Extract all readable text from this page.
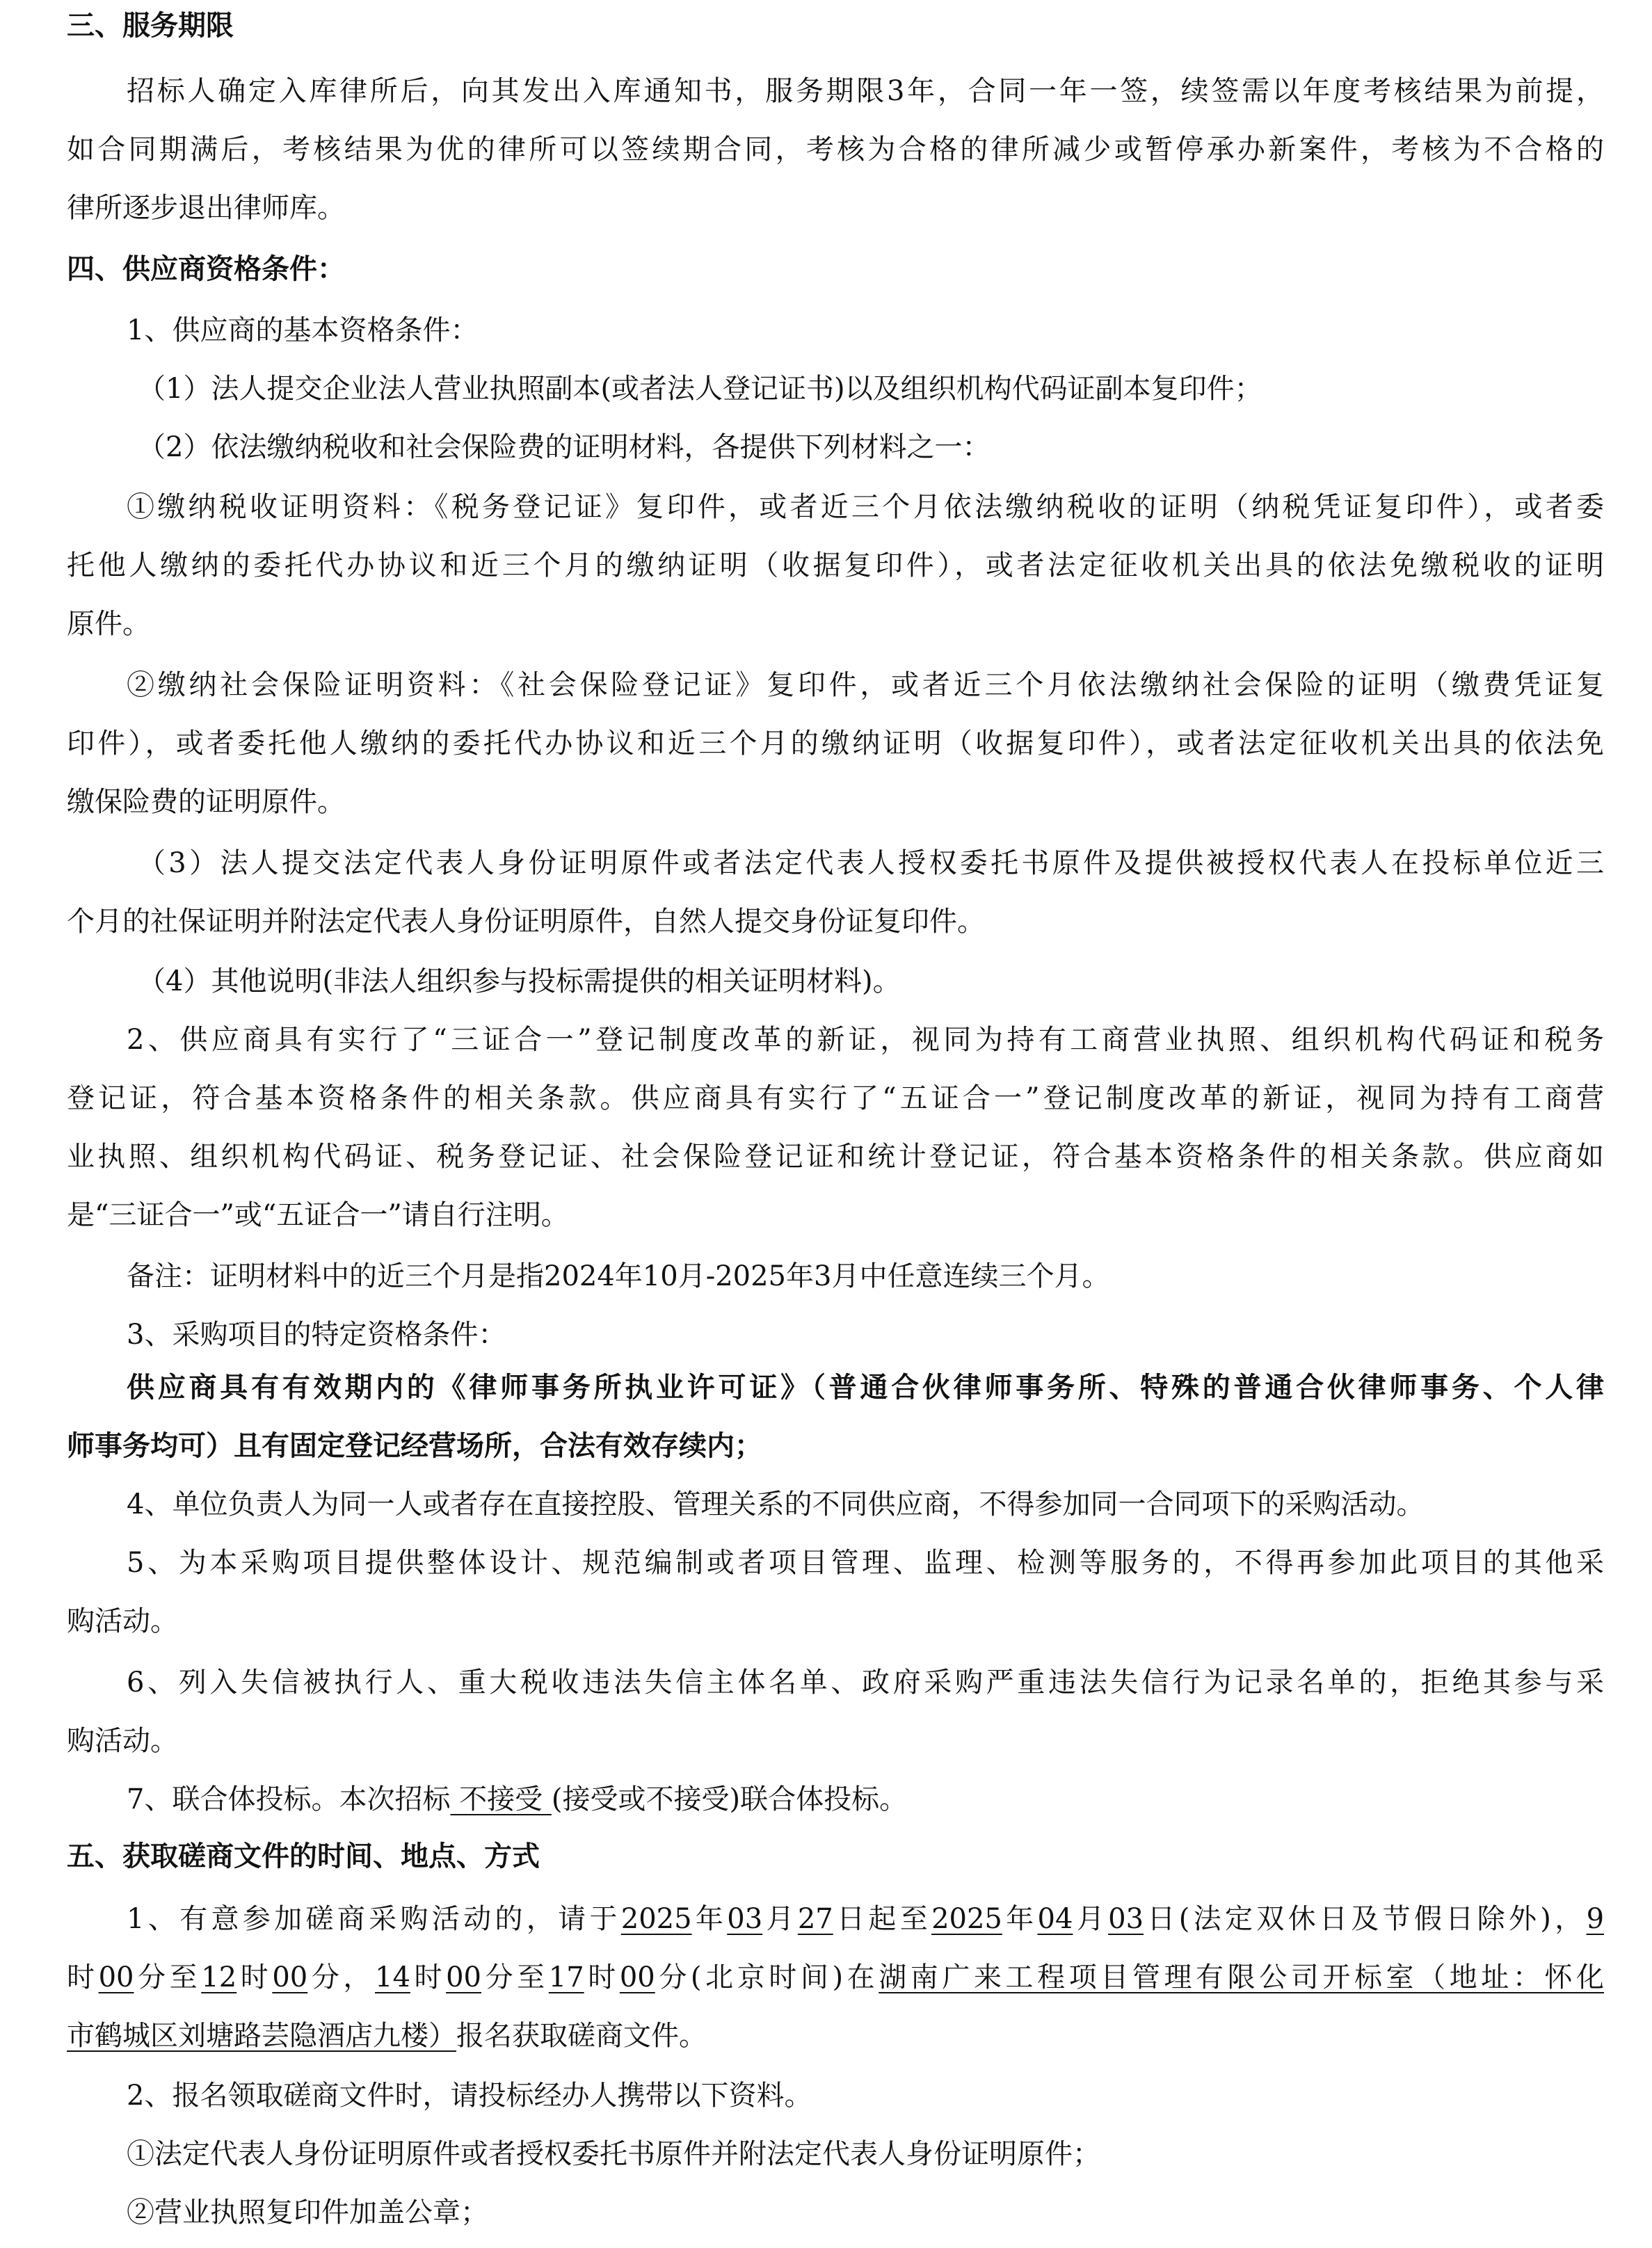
三、服务期限
招标人确定入库律所后，向其发出入库通知书，服务期限3年，合同一年一签，续签需以年度考核结果为前提，
如合同期满后，考核结果为优的律所可以签续期合同，考核为合格的律所减少或暂停承办新案件，考核为不合格的
律所逐步退出律师库。
四、供应商资格条件：
1、供应商的基本资格条件：
（1）法人提交企业法人营业执照副本(或者法人登记证书)以及组织机构代码证副本复印件；
（2）依法缴纳税收和社会保险费的证明材料，各提供下列材料之一：
①缴纳税收证明资料：《税务登记证》复印件，或者近三个月依法缴纳税收的证明（纳税凭证复印件），或者委
托他人缴纳的委托代办协议和近三个月的缴纳证明（收据复印件），或者法定征收机关出具的依法免缴税收的证明
原件。
②缴纳社会保险证明资料：《社会保险登记证》复印件，或者近三个月依法缴纳社会保险的证明（缴费凭证复
印件），或者委托他人缴纳的委托代办协议和近三个月的缴纳证明（收据复印件），或者法定征收机关出具的依法免
缴保险费的证明原件。
（3）法人提交法定代表人身份证明原件或者法定代表人授权委托书原件及提供被授权代表人在投标单位近三
个月的社保证明并附法定代表人身份证明原件，自然人提交身份证复印件。
（4）其他说明(非法人组织参与投标需提供的相关证明材料)。
2、供应商具有实行了“三证合一”登记制度改革的新证，视同为持有工商营业执照、组织机构代码证和税务
登记证，符合基本资格条件的相关条款。供应商具有实行了“五证合一”登记制度改革的新证，视同为持有工商营
业执照、组织机构代码证、税务登记证、社会保险登记证和统计登记证，符合基本资格条件的相关条款。供应商如
是“三证合一”或“五证合一”请自行注明。
备注：证明材料中的近三个月是指2024年10月-2025年3月中任意连续三个月。
3、采购项目的特定资格条件：
供应商具有有效期内的《律师事务所执业许可证》（普通合伙律师事务所、特殊的普通合伙律师事务、个人律
师事务均可）且有固定登记经营场所，合法有效存续内；
4、单位负责人为同一人或者存在直接控股、管理关系的不同供应商，不得参加同一合同项下的采购活动。
5、为本采购项目提供整体设计、规范编制或者项目管理、监理、检测等服务的，不得再参加此项目的其他采
购活动。
6、列入失信被执行人、重大税收违法失信主体名单、政府采购严重违法失信行为记录名单的，拒绝其参与采
购活动。
7、联合体投标。本次招标 不接受 (接受或不接受)联合体投标。
五、获取磋商文件的时间、地点、方式
1、有意参加磋商采购活动的，请于2025年03月27日起至2025年04月03日(法定双休日及节假日除外)，9
时00分至12时00分，14时00分至17时00分(北京时间)在湖南广来工程项目管理有限公司开标室（地址：怀化
市鹤城区刘塘路芸隐酒店九楼）报名获取磋商文件。
2、报名领取磋商文件时，请投标经办人携带以下资料。
①法定代表人身份证明原件或者授权委托书原件并附法定代表人身份证明原件；
②营业执照复印件加盖公章；
